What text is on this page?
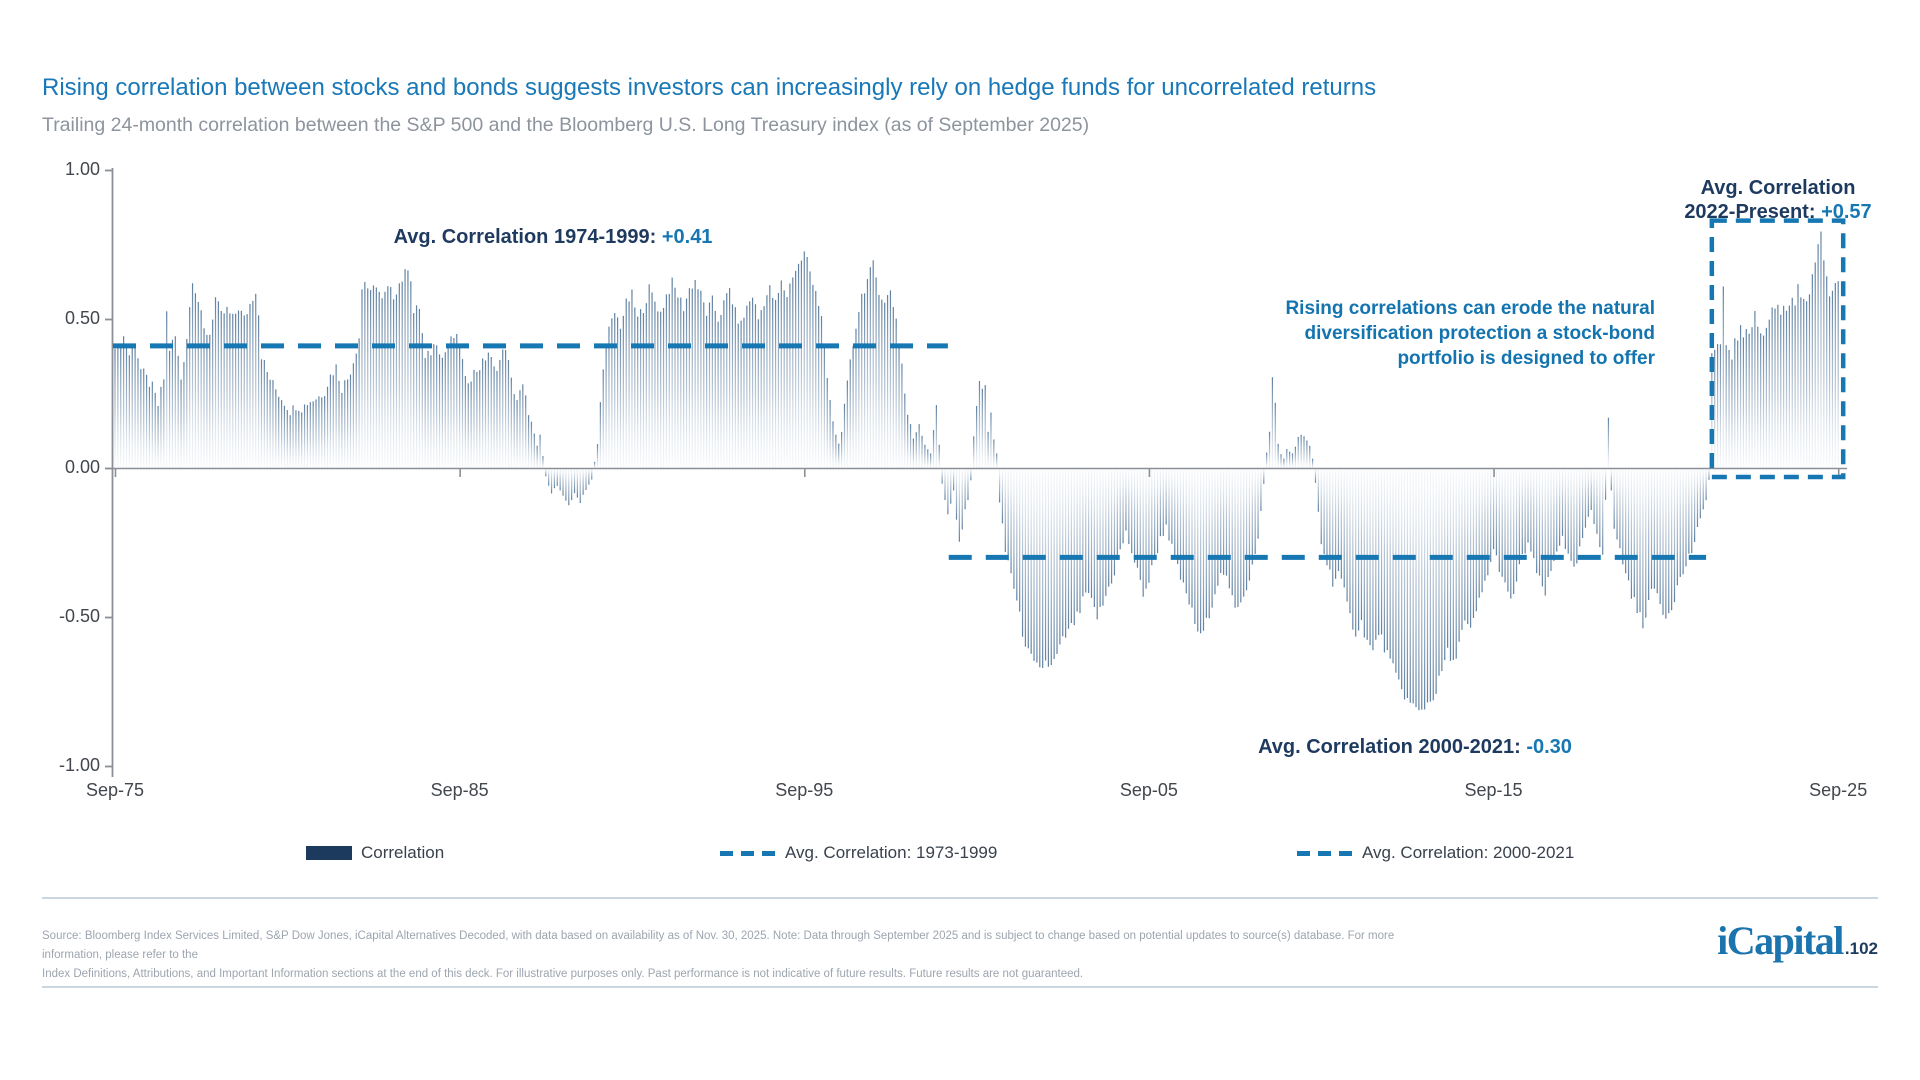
Rising correlation between stocks and bonds suggests investors can increasingly rely on hedge funds for uncorrelated returns
Trailing 24-month correlation between the S&P 500 and the Bloomberg U.S. Long Treasury index (as of September 2025)
Avg. Correlation 1974-1999: +0.41
Avg. Correlation
2022-Present: +0.57
Rising correlations can erode the natural diversification protection a stock-bond portfolio is designed to offer
Avg. Correlation 2000-2021: -0.30
Correlation	Avg. Correlation: 1973-1999	Avg. Correlation: 2000-2021
Source: Bloomberg Index Services Limited, S&P Dow Jones, iCapital Alternatives Decoded, with data based on availability as of Nov. 30, 2025. Note: Data through September 2025 and is subject to change based on potential updates to source(s) database. For more information, please refer to the
Index Definitions, Attributions, and Important Information sections at the end of this deck. For illustrative purposes only. Past performance is not indicative of future results. Future results are not guaranteed.
iCapital .102
1.00
0.50
0.00
-0.50
-1.00
Sep-75	Sep-85	Sep-95	Sep-05	Sep-15	Sep-25
